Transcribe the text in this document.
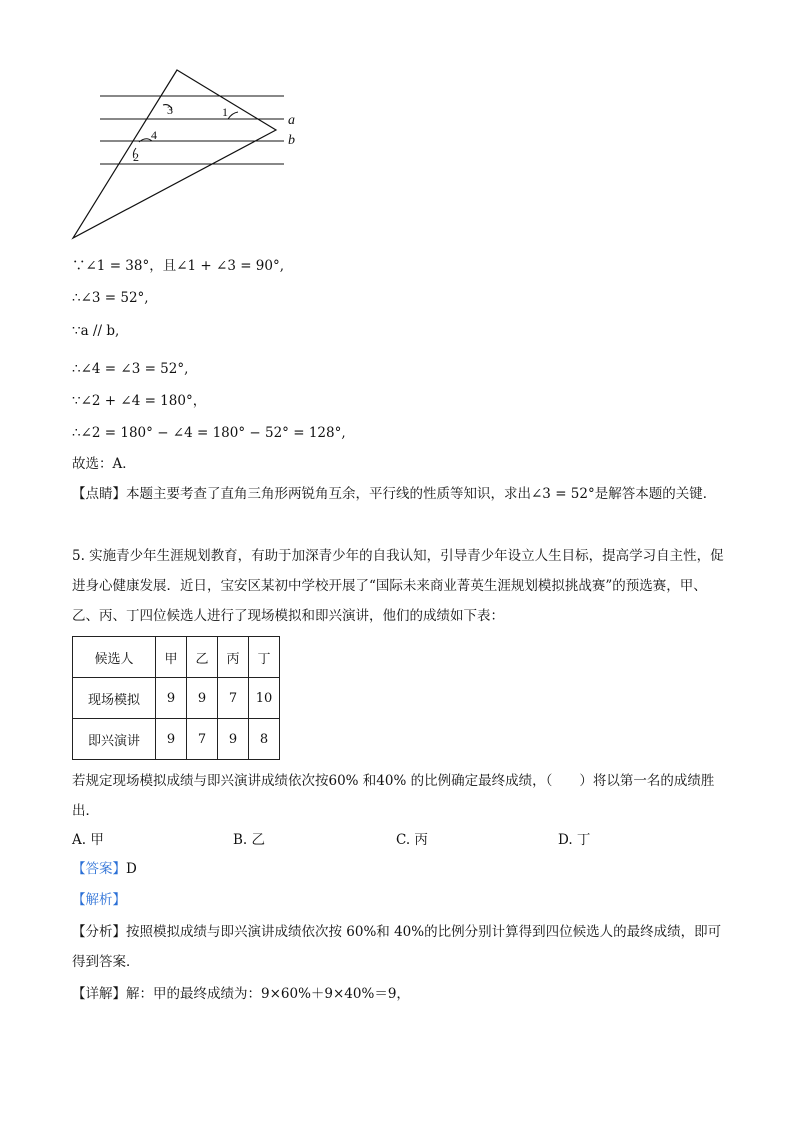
3	1
4
2
a
b
∵∠1 = 38°，且∠1 + ∠3 = 90°,
∴∠3 = 52°,
∵a // b,
∴∠4 = ∠3 = 52°,
∵∠2 + ∠4 = 180°，
∴∠2 = 180° − ∠4 = 180° − 52° = 128°,
故选：A．
【点睛】本题主要考查了直角三角形两锐角互余，平行线的性质等知识，求出∠3 = 52°是解答本题的关键．
5. 实施青少年生涯规划教育，有助于加深青少年的自我认知，引导青少年设立人生目标，提高学习自主性，促进身心健康发展．近日，宝安区某初中学校开展了“国际未来商业菁英生涯规划模拟挑战赛”的预选赛，甲、乙、丙、丁四位候选人进行了现场模拟和即兴演讲，他们的成绩如下表：
候选人	甲	乙	丙	丁
现场模拟	9	9	7	10
即兴演讲	9	7	9	8
若规定现场模拟成绩与即兴演讲成绩依次按60% 和40% 的比例确定最终成绩，（　　）将以第一名的成绩胜出．
A. 甲	B. 乙	C. 丙	D. 丁
【答案】D
【解析】
【分析】按照模拟成绩与即兴演讲成绩依次按 60%和 40%的比例分别计算得到四位候选人的最终成绩，即可得到答案．
【详解】解：甲的最终成绩为：9×60%＋9×40%＝9，
